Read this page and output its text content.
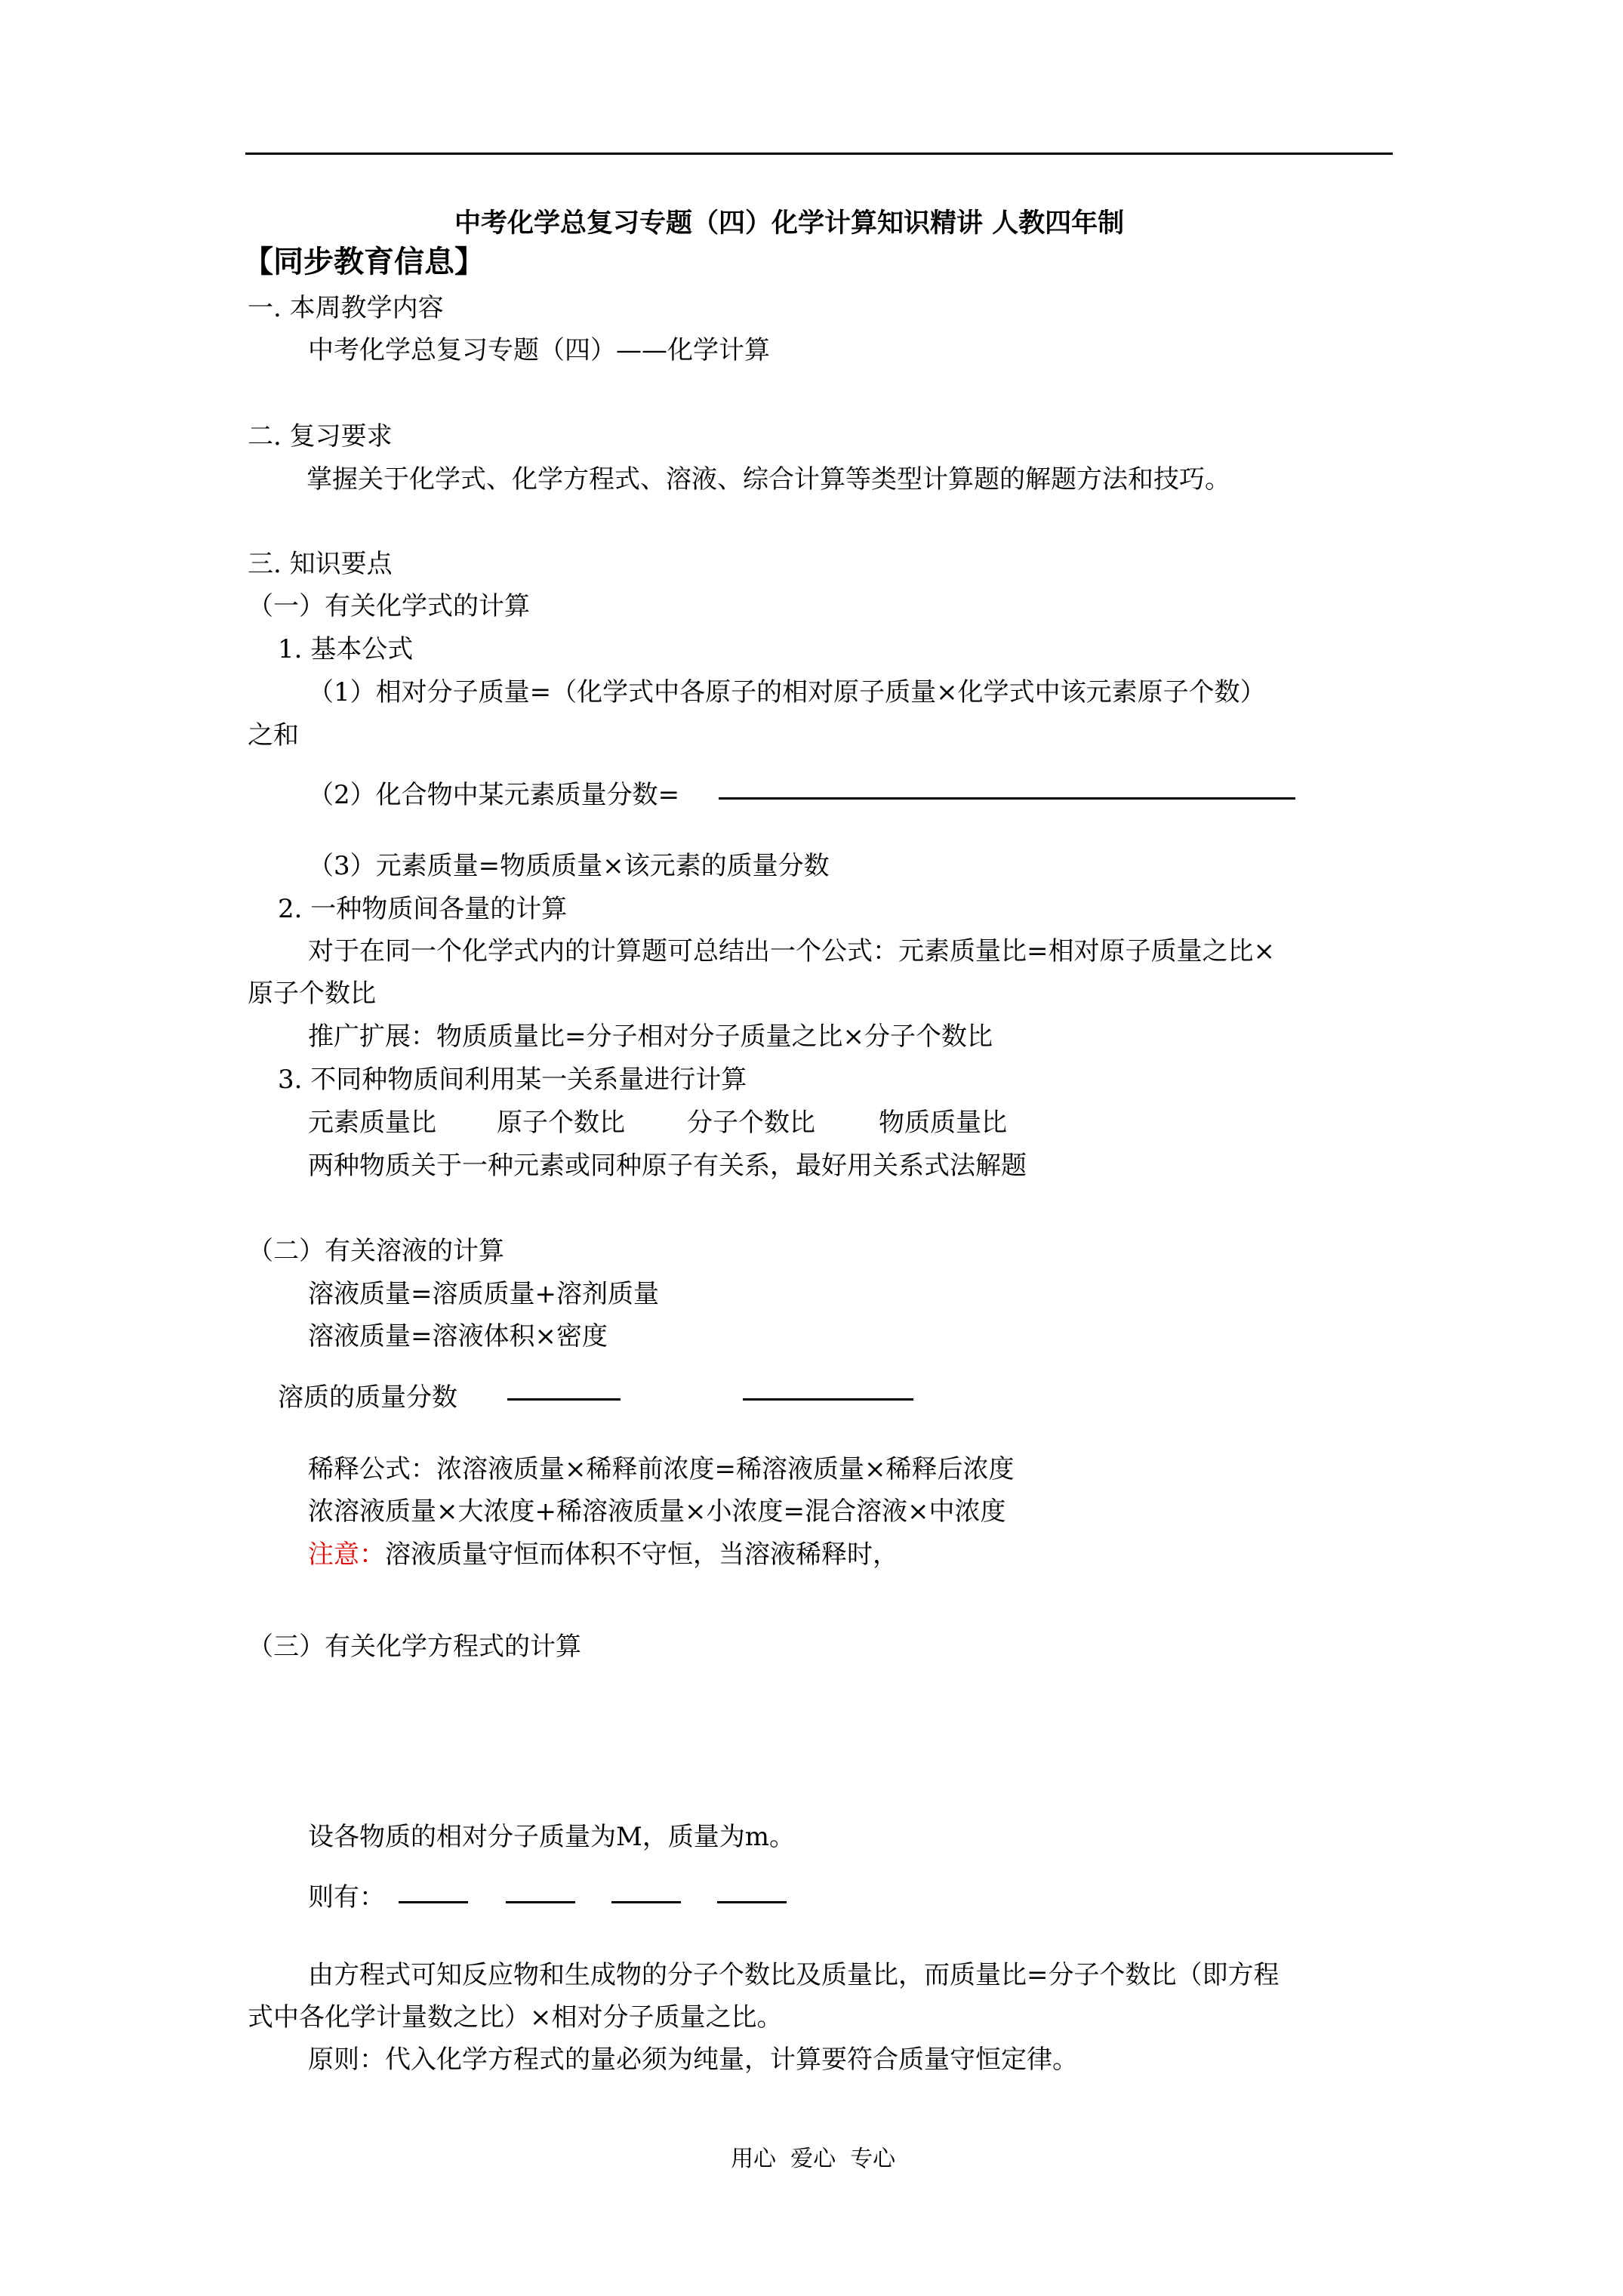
中考化学总复习专题（四）化学计算知识精讲 人教四年制
【同步教育信息】
一. 本周教学内容
中考化学总复习专题（四）——化学计算
二. 复习要求
掌握关于化学式、化学方程式、溶液、综合计算等类型计算题的解题方法和技巧。
三. 知识要点
（一）有关化学式的计算
1. 基本公式
（1）相对分子质量=（化学式中各原子的相对原子质量×化学式中该元素原子个数）
之和
（2）化合物中某元素质量分数=
（3）元素质量=物质质量×该元素的质量分数
2. 一种物质间各量的计算
对于在同一个化学式内的计算题可总结出一个公式：元素质量比=相对原子质量之比×
原子个数比
推广扩展：物质质量比=分子相对分子质量之比×分子个数比
3. 不同种物质间利用某一关系量进行计算
元素质量比 原子个数比 分子个数比 物质质量比
两种物质关于一种元素或同种原子有关系，最好用关系式法解题
（二）有关溶液的计算
溶液质量=溶质质量+溶剂质量
溶液质量=溶液体积×密度
溶质的质量分数
稀释公式：浓溶液质量×稀释前浓度=稀溶液质量×稀释后浓度
浓溶液质量×大浓度+稀溶液质量×小浓度=混合溶液×中浓度
注意：溶液质量守恒而体积不守恒，当溶液稀释时，
（三）有关化学方程式的计算
设各物质的相对分子质量为M，质量为m。
则有：
由方程式可知反应物和生成物的分子个数比及质量比，而质量比=分子个数比（即方程
式中各化学计量数之比）×相对分子质量之比。
原则：代入化学方程式的量必须为纯量，计算要符合质量守恒定律。
用心  爱心  专心
